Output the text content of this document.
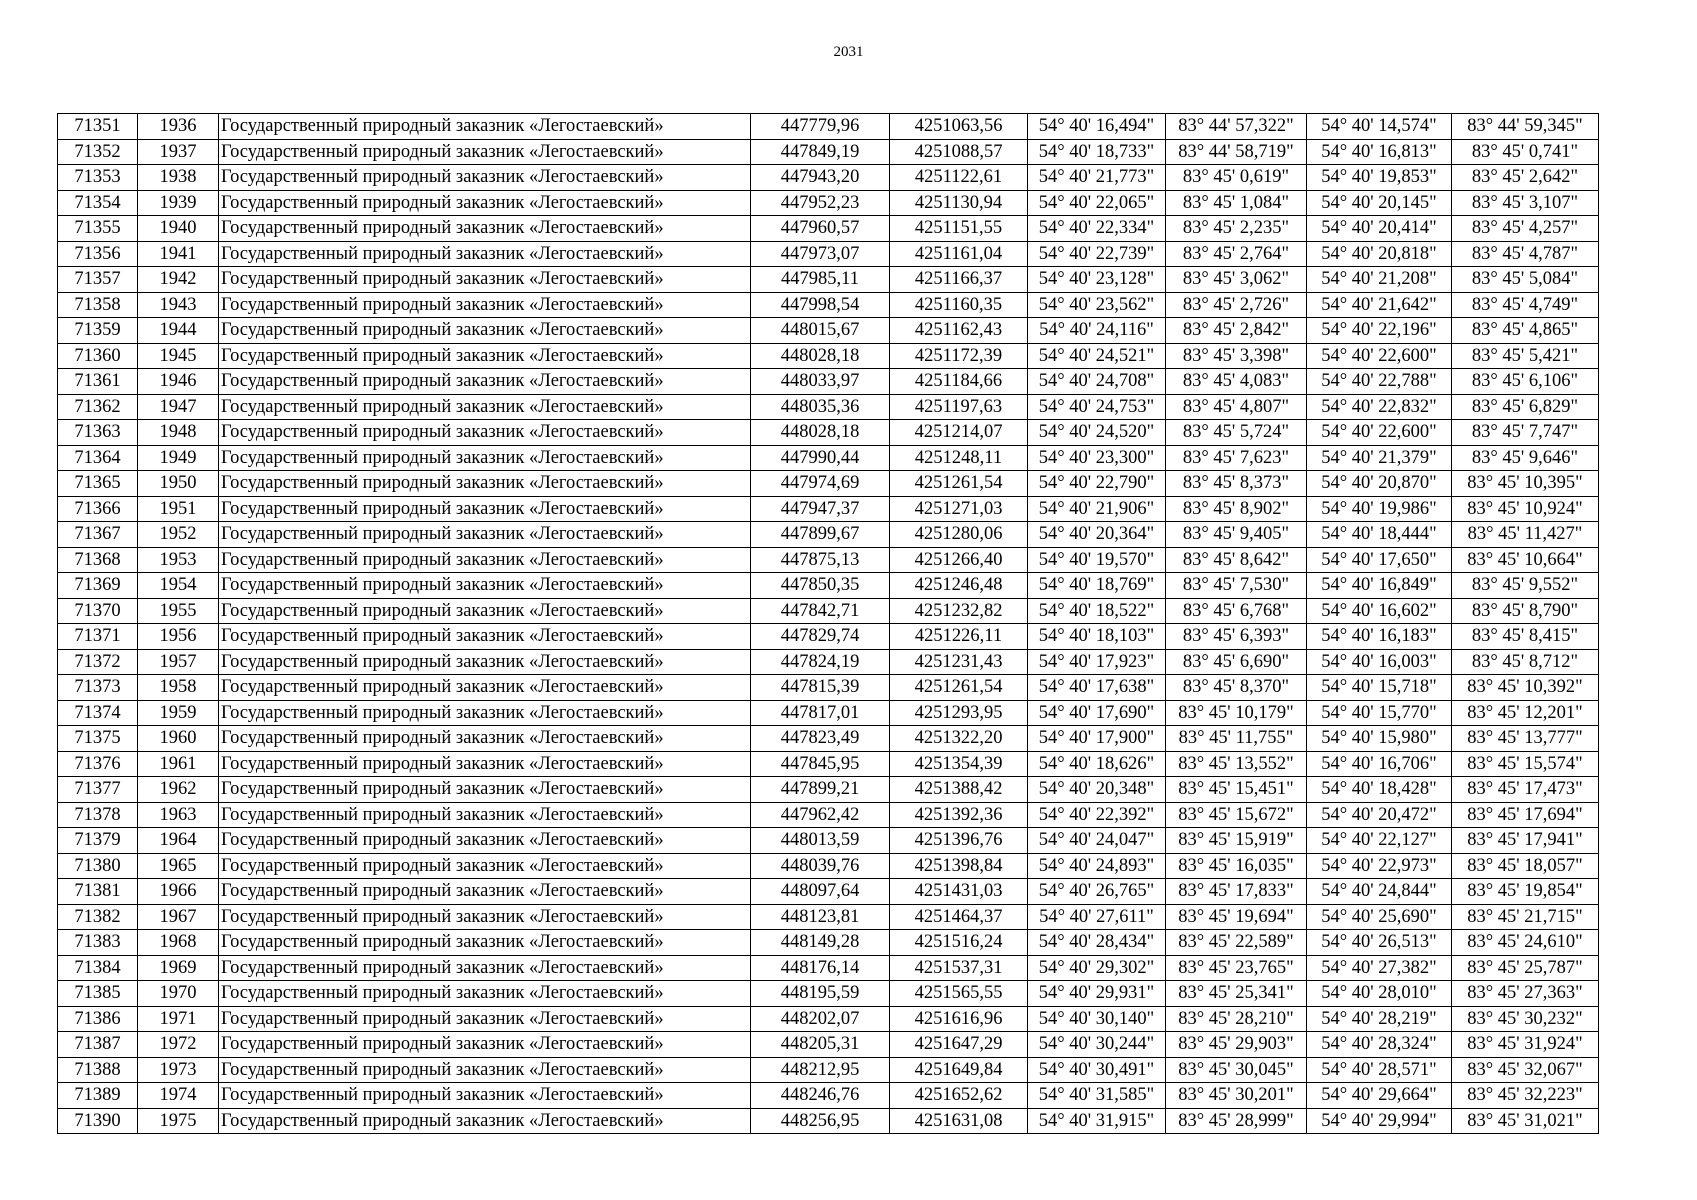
2031
71351	1936	Государственный природный заказник «Легостаевский»	447779,96	4251063,56	54° 40' 16,494"	83° 44' 57,322"	54° 40' 14,574"	83° 44' 59,345"
71352	1937	Государственный природный заказник «Легостаевский»	447849,19	4251088,57	54° 40' 18,733"	83° 44' 58,719"	54° 40' 16,813"	83° 45' 0,741"
71353	1938	Государственный природный заказник «Легостаевский»	447943,20	4251122,61	54° 40' 21,773"	83° 45' 0,619"	54° 40' 19,853"	83° 45' 2,642"
71354	1939	Государственный природный заказник «Легостаевский»	447952,23	4251130,94	54° 40' 22,065"	83° 45' 1,084"	54° 40' 20,145"	83° 45' 3,107"
71355	1940	Государственный природный заказник «Легостаевский»	447960,57	4251151,55	54° 40' 22,334"	83° 45' 2,235"	54° 40' 20,414"	83° 45' 4,257"
71356	1941	Государственный природный заказник «Легостаевский»	447973,07	4251161,04	54° 40' 22,739"	83° 45' 2,764"	54° 40' 20,818"	83° 45' 4,787"
71357	1942	Государственный природный заказник «Легостаевский»	447985,11	4251166,37	54° 40' 23,128"	83° 45' 3,062"	54° 40' 21,208"	83° 45' 5,084"
71358	1943	Государственный природный заказник «Легостаевский»	447998,54	4251160,35	54° 40' 23,562"	83° 45' 2,726"	54° 40' 21,642"	83° 45' 4,749"
71359	1944	Государственный природный заказник «Легостаевский»	448015,67	4251162,43	54° 40' 24,116"	83° 45' 2,842"	54° 40' 22,196"	83° 45' 4,865"
71360	1945	Государственный природный заказник «Легостаевский»	448028,18	4251172,39	54° 40' 24,521"	83° 45' 3,398"	54° 40' 22,600"	83° 45' 5,421"
71361	1946	Государственный природный заказник «Легостаевский»	448033,97	4251184,66	54° 40' 24,708"	83° 45' 4,083"	54° 40' 22,788"	83° 45' 6,106"
71362	1947	Государственный природный заказник «Легостаевский»	448035,36	4251197,63	54° 40' 24,753"	83° 45' 4,807"	54° 40' 22,832"	83° 45' 6,829"
71363	1948	Государственный природный заказник «Легостаевский»	448028,18	4251214,07	54° 40' 24,520"	83° 45' 5,724"	54° 40' 22,600"	83° 45' 7,747"
71364	1949	Государственный природный заказник «Легостаевский»	447990,44	4251248,11	54° 40' 23,300"	83° 45' 7,623"	54° 40' 21,379"	83° 45' 9,646"
71365	1950	Государственный природный заказник «Легостаевский»	447974,69	4251261,54	54° 40' 22,790"	83° 45' 8,373"	54° 40' 20,870"	83° 45' 10,395"
71366	1951	Государственный природный заказник «Легостаевский»	447947,37	4251271,03	54° 40' 21,906"	83° 45' 8,902"	54° 40' 19,986"	83° 45' 10,924"
71367	1952	Государственный природный заказник «Легостаевский»	447899,67	4251280,06	54° 40' 20,364"	83° 45' 9,405"	54° 40' 18,444"	83° 45' 11,427"
71368	1953	Государственный природный заказник «Легостаевский»	447875,13	4251266,40	54° 40' 19,570"	83° 45' 8,642"	54° 40' 17,650"	83° 45' 10,664"
71369	1954	Государственный природный заказник «Легостаевский»	447850,35	4251246,48	54° 40' 18,769"	83° 45' 7,530"	54° 40' 16,849"	83° 45' 9,552"
71370	1955	Государственный природный заказник «Легостаевский»	447842,71	4251232,82	54° 40' 18,522"	83° 45' 6,768"	54° 40' 16,602"	83° 45' 8,790"
71371	1956	Государственный природный заказник «Легостаевский»	447829,74	4251226,11	54° 40' 18,103"	83° 45' 6,393"	54° 40' 16,183"	83° 45' 8,415"
71372	1957	Государственный природный заказник «Легостаевский»	447824,19	4251231,43	54° 40' 17,923"	83° 45' 6,690"	54° 40' 16,003"	83° 45' 8,712"
71373	1958	Государственный природный заказник «Легостаевский»	447815,39	4251261,54	54° 40' 17,638"	83° 45' 8,370"	54° 40' 15,718"	83° 45' 10,392"
71374	1959	Государственный природный заказник «Легостаевский»	447817,01	4251293,95	54° 40' 17,690"	83° 45' 10,179"	54° 40' 15,770"	83° 45' 12,201"
71375	1960	Государственный природный заказник «Легостаевский»	447823,49	4251322,20	54° 40' 17,900"	83° 45' 11,755"	54° 40' 15,980"	83° 45' 13,777"
71376	1961	Государственный природный заказник «Легостаевский»	447845,95	4251354,39	54° 40' 18,626"	83° 45' 13,552"	54° 40' 16,706"	83° 45' 15,574"
71377	1962	Государственный природный заказник «Легостаевский»	447899,21	4251388,42	54° 40' 20,348"	83° 45' 15,451"	54° 40' 18,428"	83° 45' 17,473"
71378	1963	Государственный природный заказник «Легостаевский»	447962,42	4251392,36	54° 40' 22,392"	83° 45' 15,672"	54° 40' 20,472"	83° 45' 17,694"
71379	1964	Государственный природный заказник «Легостаевский»	448013,59	4251396,76	54° 40' 24,047"	83° 45' 15,919"	54° 40' 22,127"	83° 45' 17,941"
71380	1965	Государственный природный заказник «Легостаевский»	448039,76	4251398,84	54° 40' 24,893"	83° 45' 16,035"	54° 40' 22,973"	83° 45' 18,057"
71381	1966	Государственный природный заказник «Легостаевский»	448097,64	4251431,03	54° 40' 26,765"	83° 45' 17,833"	54° 40' 24,844"	83° 45' 19,854"
71382	1967	Государственный природный заказник «Легостаевский»	448123,81	4251464,37	54° 40' 27,611"	83° 45' 19,694"	54° 40' 25,690"	83° 45' 21,715"
71383	1968	Государственный природный заказник «Легостаевский»	448149,28	4251516,24	54° 40' 28,434"	83° 45' 22,589"	54° 40' 26,513"	83° 45' 24,610"
71384	1969	Государственный природный заказник «Легостаевский»	448176,14	4251537,31	54° 40' 29,302"	83° 45' 23,765"	54° 40' 27,382"	83° 45' 25,787"
71385	1970	Государственный природный заказник «Легостаевский»	448195,59	4251565,55	54° 40' 29,931"	83° 45' 25,341"	54° 40' 28,010"	83° 45' 27,363"
71386	1971	Государственный природный заказник «Легостаевский»	448202,07	4251616,96	54° 40' 30,140"	83° 45' 28,210"	54° 40' 28,219"	83° 45' 30,232"
71387	1972	Государственный природный заказник «Легостаевский»	448205,31	4251647,29	54° 40' 30,244"	83° 45' 29,903"	54° 40' 28,324"	83° 45' 31,924"
71388	1973	Государственный природный заказник «Легостаевский»	448212,95	4251649,84	54° 40' 30,491"	83° 45' 30,045"	54° 40' 28,571"	83° 45' 32,067"
71389	1974	Государственный природный заказник «Легостаевский»	448246,76	4251652,62	54° 40' 31,585"	83° 45' 30,201"	54° 40' 29,664"	83° 45' 32,223"
71390	1975	Государственный природный заказник «Легостаевский»	448256,95	4251631,08	54° 40' 31,915"	83° 45' 28,999"	54° 40' 29,994"	83° 45' 31,021"
